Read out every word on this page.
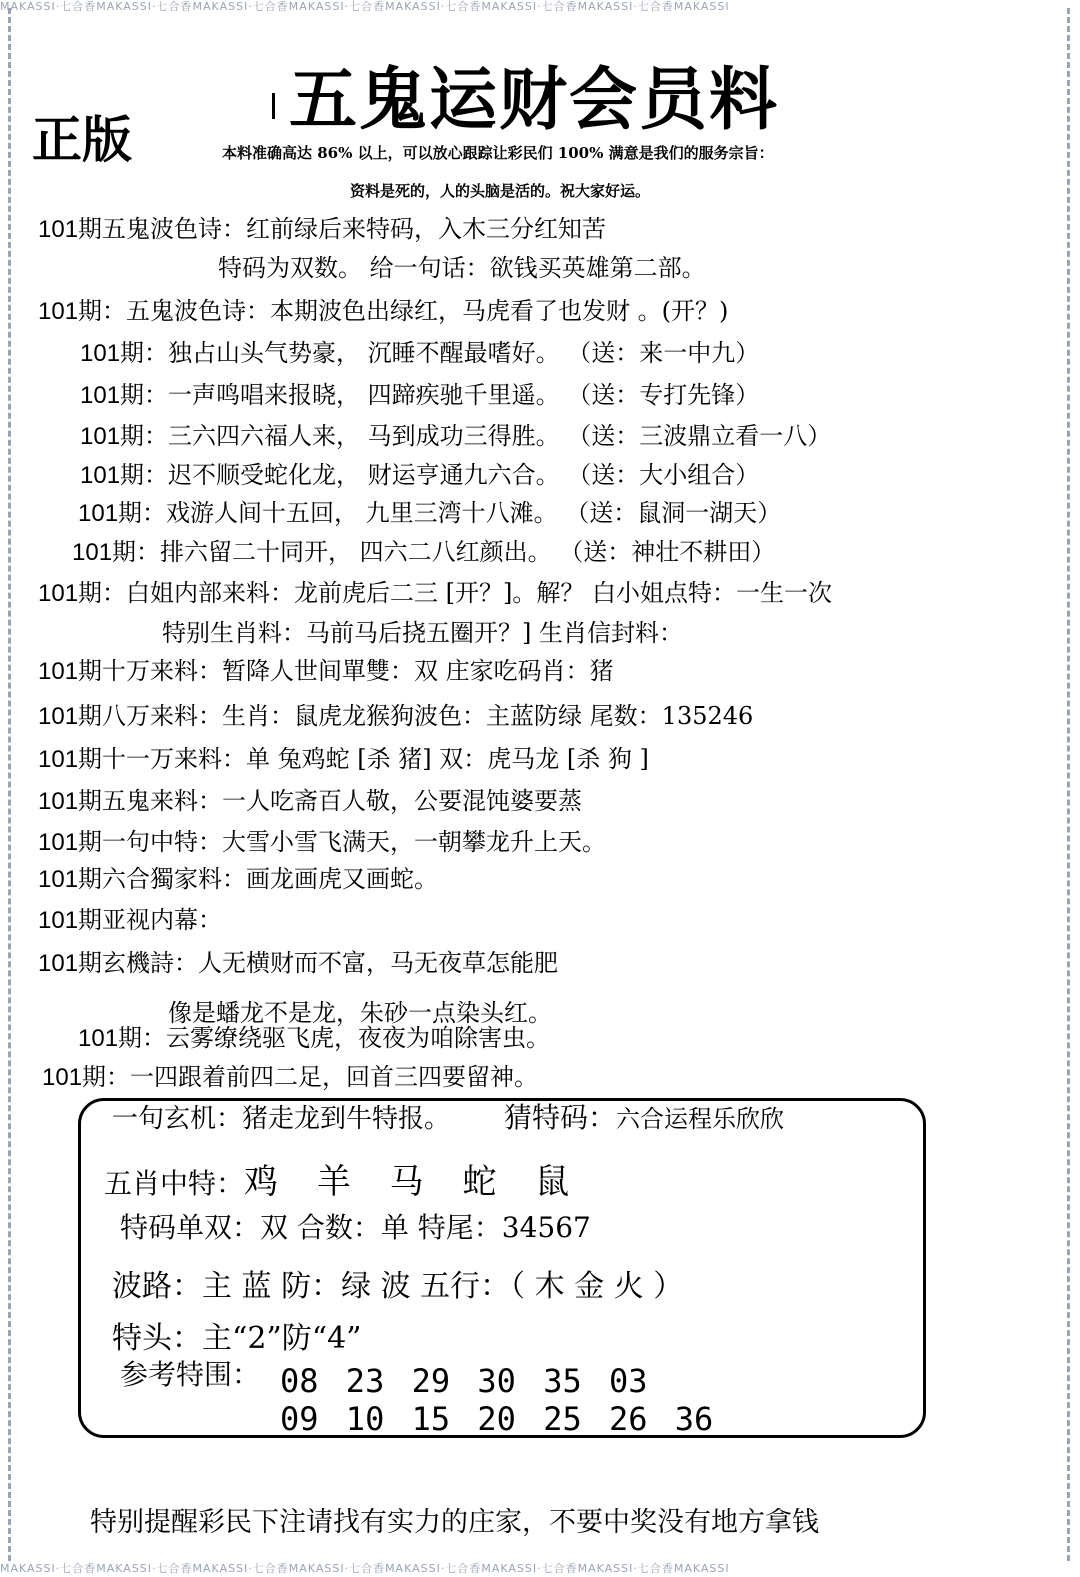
MAKASSI·七合香MAKASSI·七合香MAKASSI·七合香MAKASSI·七合香MAKASSI·七合香MAKASSI·七合香MAKASSI·七合香MAKASSI
正版 五鬼运财会员料
本料准确高达 86% 以上，可以放心跟踪让彩民们 100% 满意是我们的服务宗旨：
资料是死的，人的头脑是活的。祝大家好运。
101期五鬼波色诗：红前绿后来特码，入木三分红知苦
特码为双数。 给一句话：欲钱买英雄第二部。
101期：五鬼波色诗：本期波色出绿红，马虎看了也发财 。(开？)
101期：独占山头气势豪， 沉睡不醒最嗜好。 （送：来一中九）
101期：一声鸣唱来报晓， 四蹄疾驰千里遥。 （送：专打先锋）
101期：三六四六福人来， 马到成功三得胜。 （送：三波鼎立看一八）
101期：迟不顺受蛇化龙， 财运亨通九六合。 （送：大小组合）
101期：戏游人间十五回， 九里三湾十八滩。 （送：鼠洞一湖天）
101期：排六留二十同开， 四六二八红颜出。 （送：神壮不耕田）
101期：白姐内部来料：龙前虎后二三 [开？]。解？ 白小姐点特：一生一次
特别生肖料：马前马后挠五圈开？] 生肖信封料：
101期十万来料：暂降人世间單雙：双 庄家吃码肖：猪
101期八万来料：生肖：鼠虎龙猴狗波色：主蓝防绿 尾数：135246
101期十一万来料：单 兔鸡蛇 [杀 猪] 双：虎马龙 [杀 狗 ]
101期五鬼来料：一人吃斋百人敬，公要混饨婆要蒸
101期一句中特：大雪小雪飞满天，一朝攀龙升上天。
101期六合獨家料：画龙画虎又画蛇。
101期亚视内幕：
101期玄機詩：人无横财而不富，马无夜草怎能肥
像是蟠龙不是龙，朱砂一点染头红。
101期：云雾缭绕驱飞虎，夜夜为咱除害虫。
101期：一四跟着前四二足，回首三四要留神。
一句玄机：猪走龙到牛特报。 猜特码：六合运程乐欣欣
五肖中特：鸡 羊 马 蛇 鼠
特码单双：双 合数：单 特尾：34567
波路：主 蓝 防：绿 波 五行：（ 木 金 火 ）
特头：主“2”防“4”
参考特围： 08 23 29 30 35 03
09 10 15 20 25 26 36
特别提醒彩民下注请找有实力的庄家，不要中奖没有地方拿钱
MAKASSI·七合香MAKASSI·七合香MAKASSI·七合香MAKASSI·七合香MAKASSI·七合香MAKASSI·七合香MAKASSI·七合香MAKASSI
